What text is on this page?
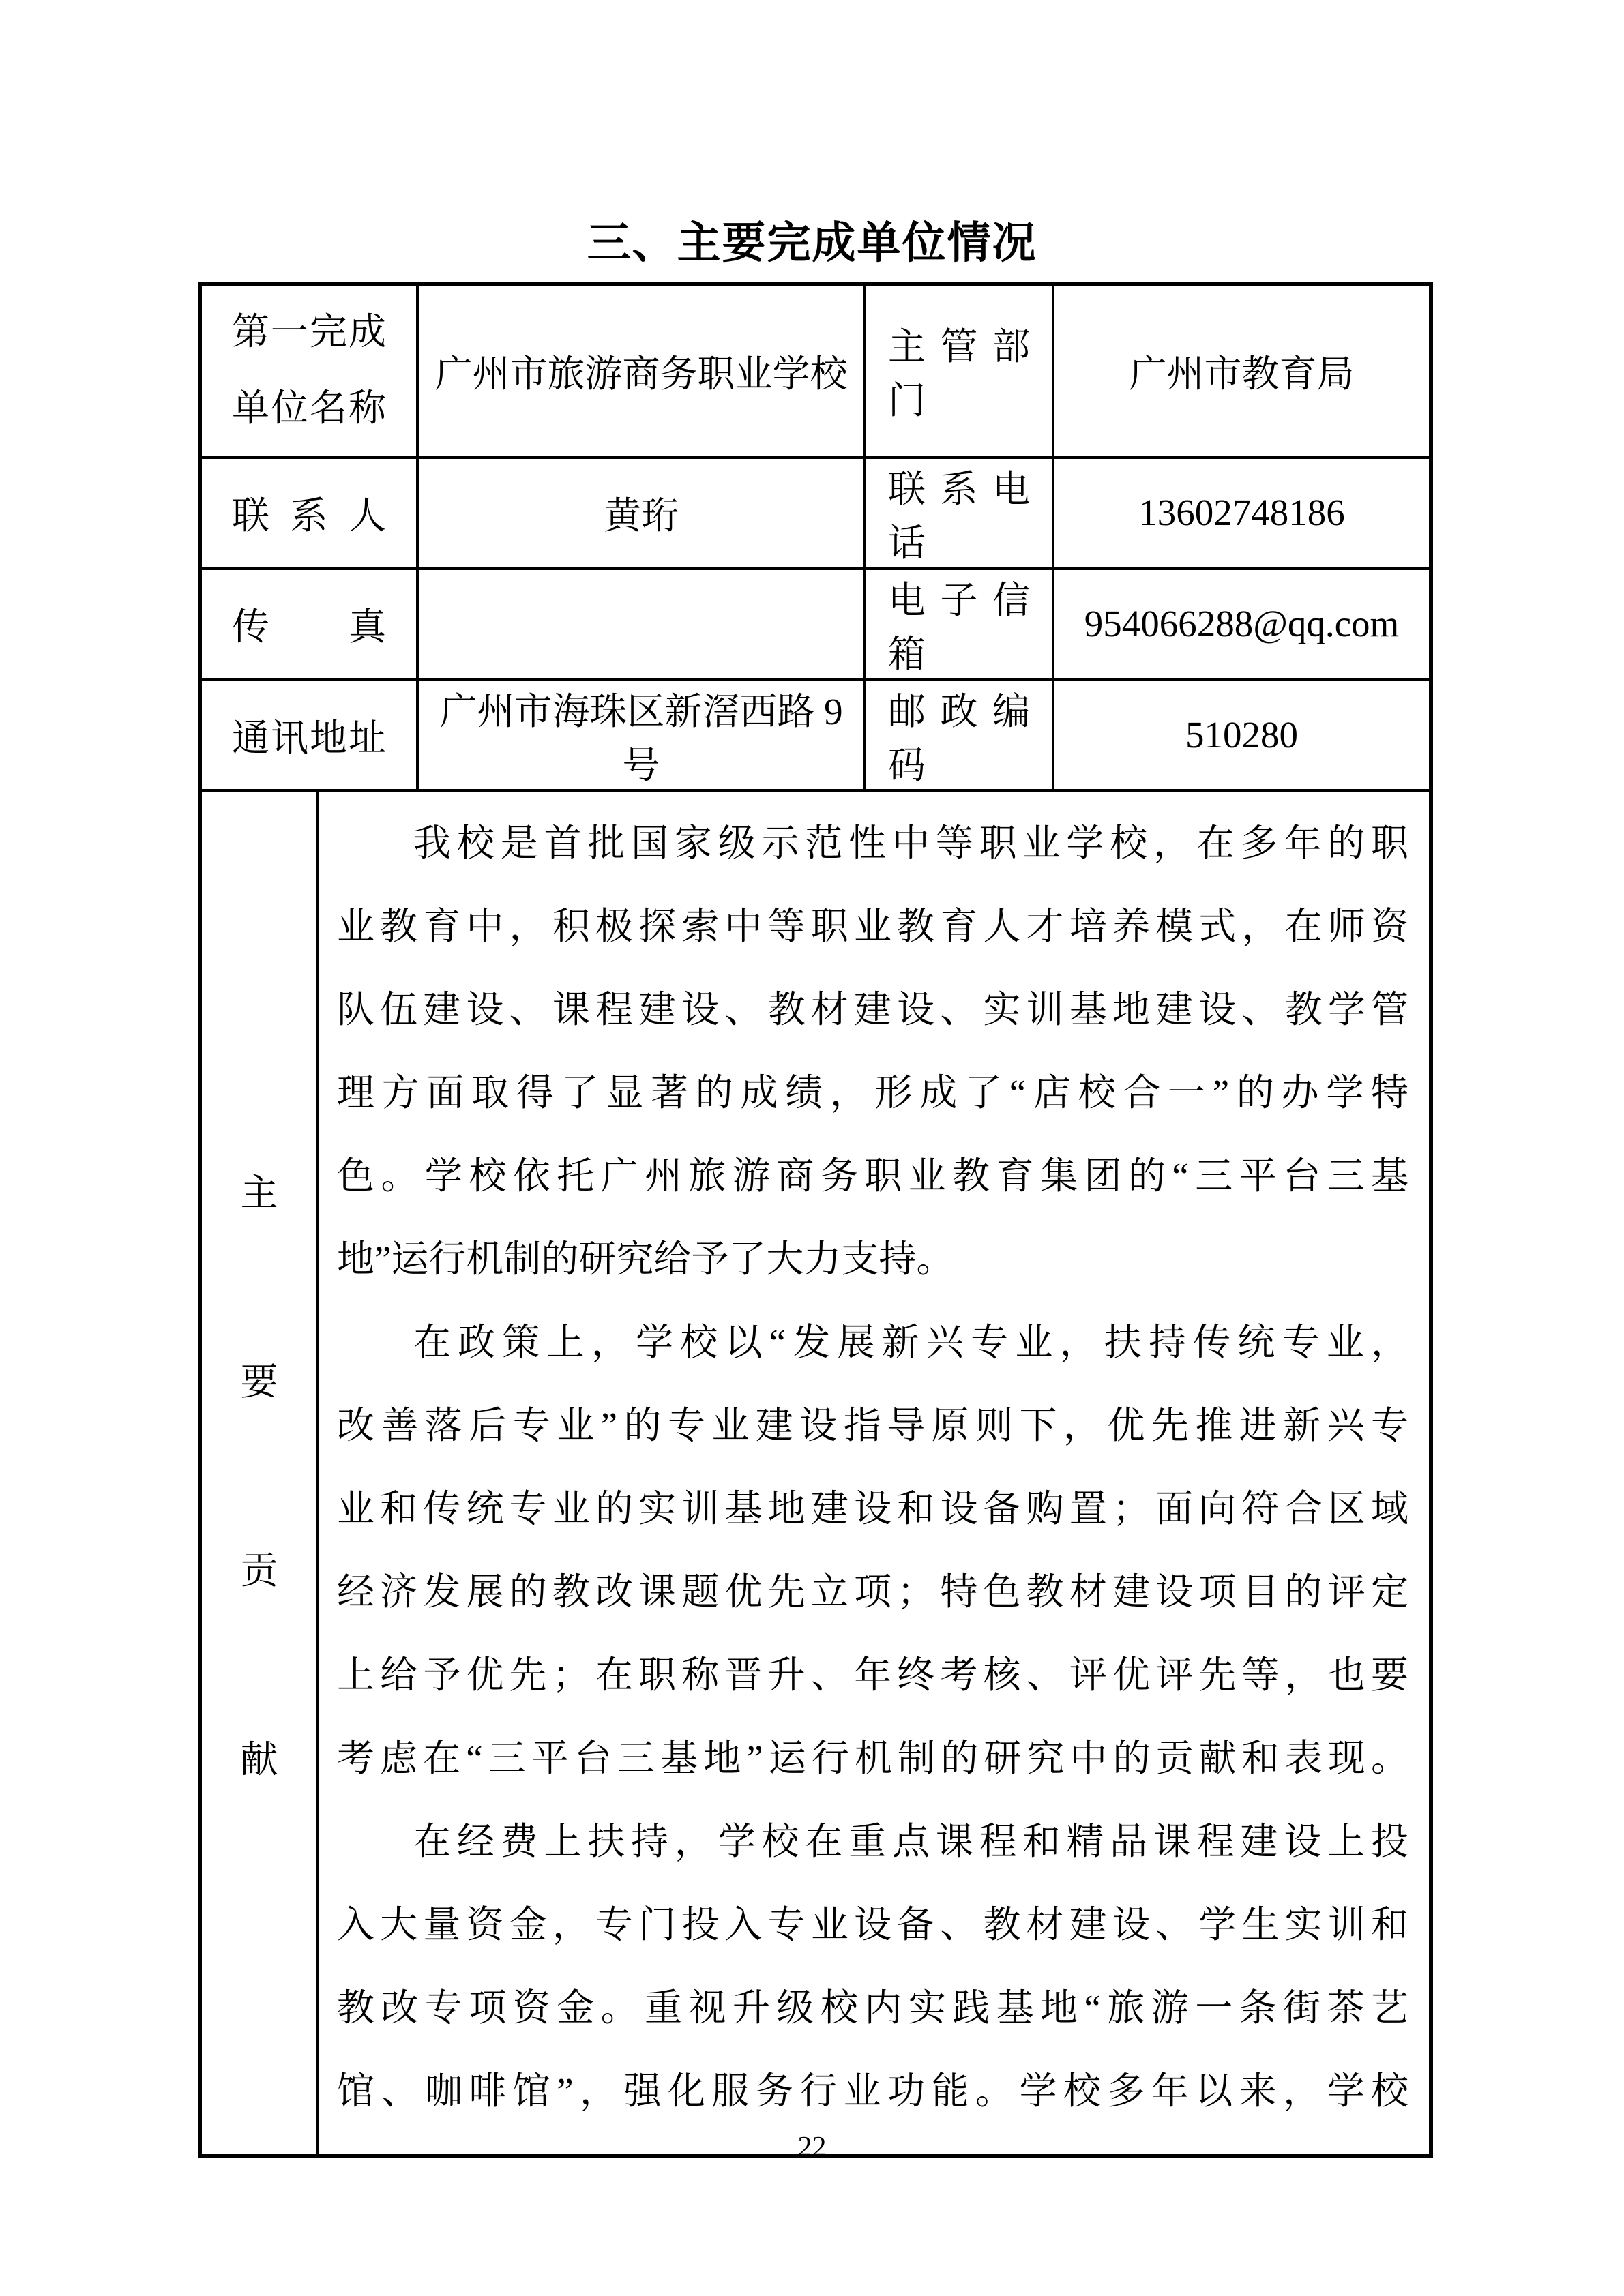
三、主要完成单位情况
第一完成
单位名称		广州市旅游商务职业学校	主管部门	广州市教育局
联系人		黄珩	联系电话	13602748186
传真			电子信箱	954066288@qq.com
通讯地址		广州市海珠区新滘西路 9 号	邮政编码	510280

主
要
贡
献

我校是首批国家级示范性中等职业学校，在多年的职
业教育中，积极探索中等职业教育人才培养模式，在师资
队伍建设、课程建设、教材建设、实训基地建设、教学管
理方面取得了显著的成绩，形成了“店校合一”的办学特
色。学校依托广州旅游商务职业教育集团的“三平台三基
地”运行机制的研究给予了大力支持。
在政策上，学校以“发展新兴专业，扶持传统专业，
改善落后专业”的专业建设指导原则下，优先推进新兴专
业和传统专业的实训基地建设和设备购置；面向符合区域
经济发展的教改课题优先立项；特色教材建设项目的评定
上给予优先；在职称晋升、年终考核、评优评先等，也要
考虑在“三平台三基地”运行机制的研究中的贡献和表现。
在经费上扶持，学校在重点课程和精品课程建设上投
入大量资金，专门投入专业设备、教材建设、学生实训和
教改专项资金。重视升级校内实践基地“旅游一条街茶艺
馆、咖啡馆”，强化服务行业功能。学校多年以来，学校
22
